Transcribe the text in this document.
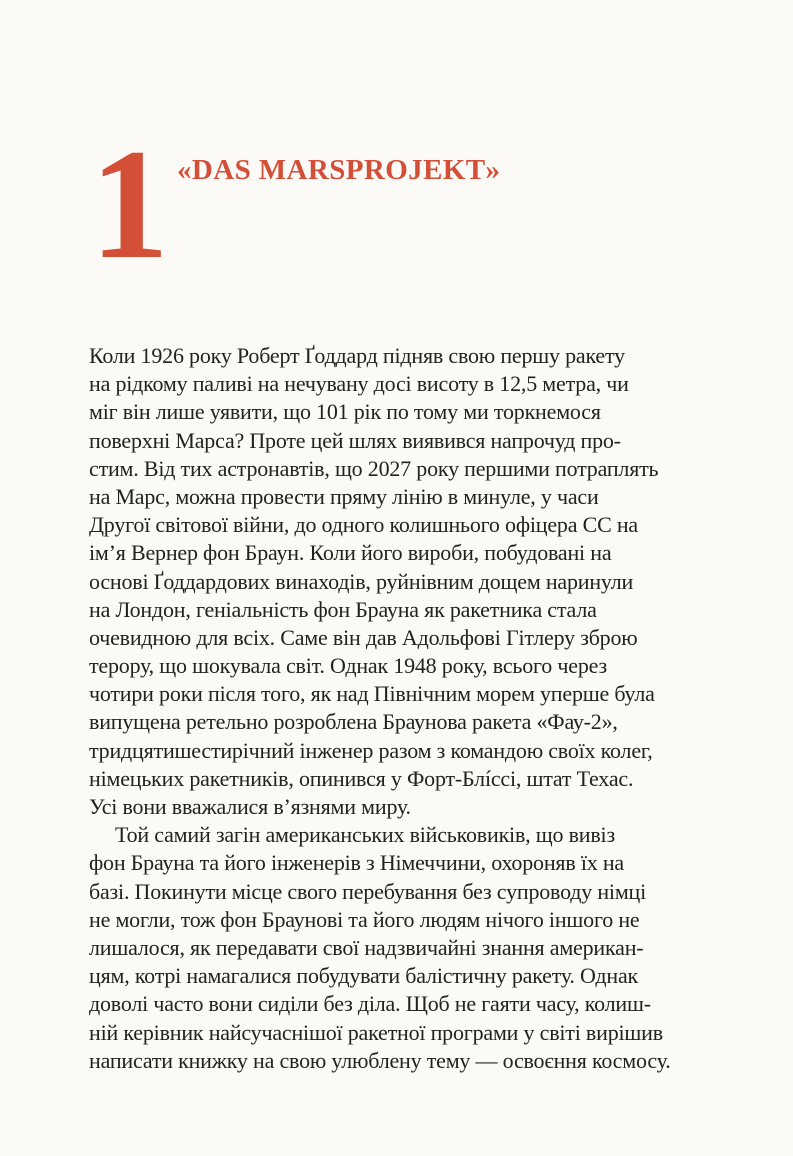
1 «DAS MARSPROJEKT»
Коли 1926 року Роберт Ґоддард підняв свою першу ракету
на рідкому паливі на нечувану досі висоту в 12,5 метра, чи
міг він лише уявити, що 101 рік по тому ми торкнемося
поверхні Марса? Проте цей шлях виявився напрочуд про-
стим. Від тих астронавтів, що 2027 року першими потраплять
на Марс, можна провести пряму лінію в минуле, у часи
Другої світової війни, до одного колишнього офіцера СС на
ім’я Вернер фон Браун. Коли його вироби, побудовані на
основі Ґоддардових винаходів, руйнівним дощем наринули
на Лондон, геніальність фон Брауна як ракетника стала
очевидною для всіх. Саме він дав Адольфові Гітлеру зброю
терору, що шокувала світ. Однак 1948 року, всього через
чотири роки після того, як над Північним морем уперше була
випущена ретельно розроблена Браунова ракета «Фау-2»,
тридцятишестирічний інженер разом з командою своїх колег,
німецьких ракетників, опинився у Форт-Блíссі, штат Техас.
Усі вони вважалися в’язнями миру.
Той самий загін американських військовиків, що вивіз
фон Брауна та його інженерів з Німеччини, охороняв їх на
базі. Покинути місце свого перебування без супроводу німці
не могли, тож фон Браунові та його людям нічого іншого не
лишалося, як передавати свої надзвичайні знання американ-
цям, котрі намагалися побудувати балістичну ракету. Однак
доволі часто вони сиділи без діла. Щоб не гаяти часу, колиш-
ній керівник найсучаснішої ракетної програми у світі вирішив
написати книжку на свою улюблену тему — освоєння космосу.
